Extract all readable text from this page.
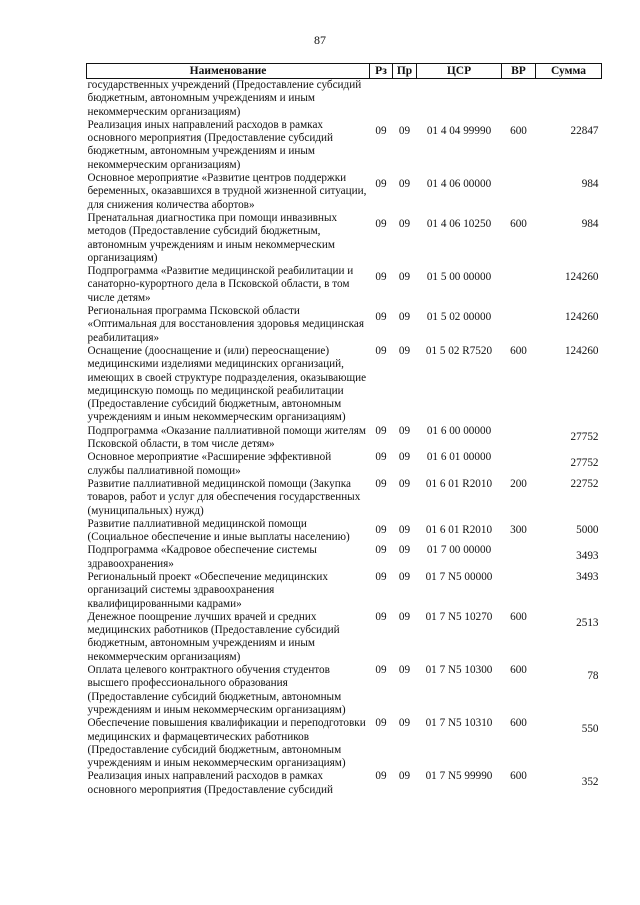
87
Наименование	Рз	Пр	ЦСР	ВР	Сумма
государственных учреждений (Предоставление субсидий бюджетным, автономным учреждениям и иным некоммерческим организациям)					
Реализация иных направлений расходов в рамках основного мероприятия (Предоставление субсидий бюджетным, автономным учреждениям и иным некоммерческим организациям)	09	09	01 4 04 99990	600	22847
Основное мероприятие «Развитие центров поддержки беременных, оказавшихся в трудной жизненной ситуации, для снижения количества абортов»	09	09	01 4 06 00000		984
Пренатальная диагностика при помощи инвазивных методов (Предоставление субсидий бюджетным, автономным учреждениям и иным некоммерческим организациям)	09	09	01 4 06 10250	600	984
Подпрограмма «Развитие медицинской реабилитации и санаторно-курортного дела в Псковской области, в том числе детям»	09	09	01 5 00 00000		124260
Региональная программа Псковской области «Оптимальная для восстановления здоровья медицинская реабилитация»	09	09	01 5 02 00000		124260
Оснащение (дооснащение и (или) переоснащение) медицинскими изделиями медицинских организаций, имеющих в своей структуре подразделения, оказывающие медицинскую помощь по медицинской реабилитации (Предоставление субсидий бюджетным, автономным учреждениям и иным некоммерческим организациям)	09	09	01 5 02 R7520	600	124260
Подпрограмма «Оказание паллиативной помощи жителям Псковской области, в том числе детям»	09	09	01 6 00 00000		27752
Основное мероприятие «Расширение эффективной службы паллиативной помощи»	09	09	01 6 01 00000		27752
Развитие паллиативной медицинской помощи (Закупка товаров, работ и услуг для обеспечения государственных (муниципальных) нужд)	09	09	01 6 01 R2010	200	22752
Развитие паллиативной медицинской помощи (Социальное обеспечение и иные выплаты населению)	09	09	01 6 01 R2010	300	5000
Подпрограмма «Кадровое обеспечение системы здравоохранения»	09	09	01 7 00 00000		3493
Региональный проект «Обеспечение медицинских организаций системы здравоохранения квалифицированными кадрами»	09	09	01 7 N5 00000		3493
Денежное поощрение лучших врачей и средних медицинских работников (Предоставление субсидий бюджетным, автономным учреждениям и иным некоммерческим организациям)	09	09	01 7 N5 10270	600	2513
Оплата целевого контрактного обучения студентов высшего профессионального образования (Предоставление субсидий бюджетным, автономным учреждениям и иным некоммерческим организациям)	09	09	01 7 N5 10300	600	78
Обеспечение повышения квалификации и переподготовки медицинских и фармацевтических работников (Предоставление субсидий бюджетным, автономным учреждениям и иным некоммерческим организациям)	09	09	01 7 N5 10310	600	550
Реализация иных направлений расходов в рамках основного мероприятия (Предоставление субсидий	09	09	01 7 N5 99990	600	352
